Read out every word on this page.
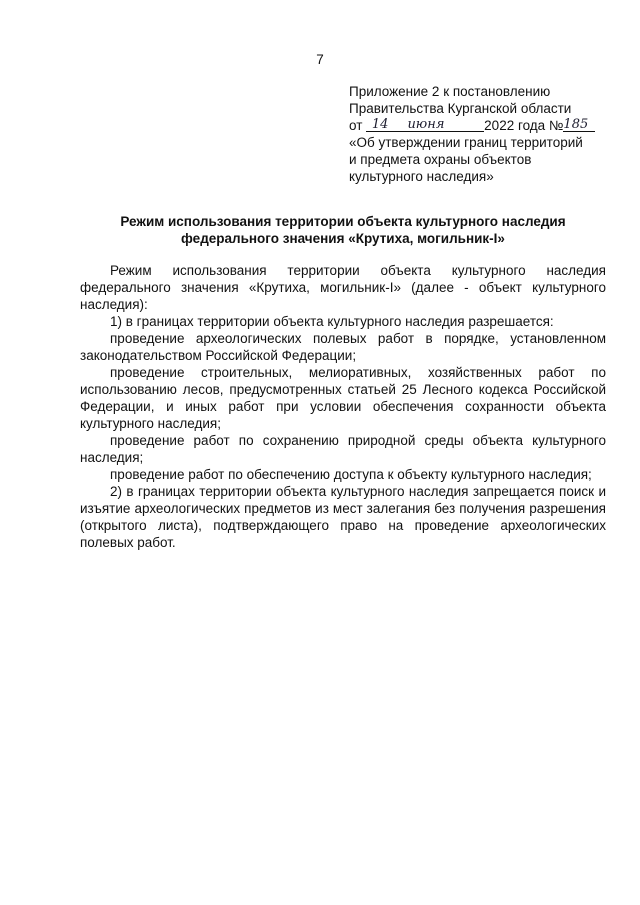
7
Приложение 2 к постановлению
Правительства Курганской области
от 14 июня	2022 года №185
«Об утверждении границ территорий
и предмета охраны объектов
культурного наследия»
Режим использования территории объекта культурного наследия
федерального значения «Крутиха, могильник-I»

Режим использования территории объекта культурного наследия федерального значения «Крутиха, могильник-I» (далее - объект культурного наследия):

1) в границах территории объекта культурного наследия разрешается:

проведение археологических полевых работ в порядке, установленном законодательством Российской Федерации;

проведение строительных, мелиоративных, хозяйственных работ по использованию лесов, предусмотренных статьей 25 Лесного кодекса Российской Федерации, и иных работ при условии обеспечения сохранности объекта культурного наследия;

проведение работ по сохранению природной среды объекта культурного наследия;

проведение работ по обеспечению доступа к объекту культурного наследия;

2) в границах территории объекта культурного наследия запрещается поиск и изъятие археологических предметов из мест залегания без получения разрешения (открытого листа), подтверждающего право на проведение археологических полевых работ.
